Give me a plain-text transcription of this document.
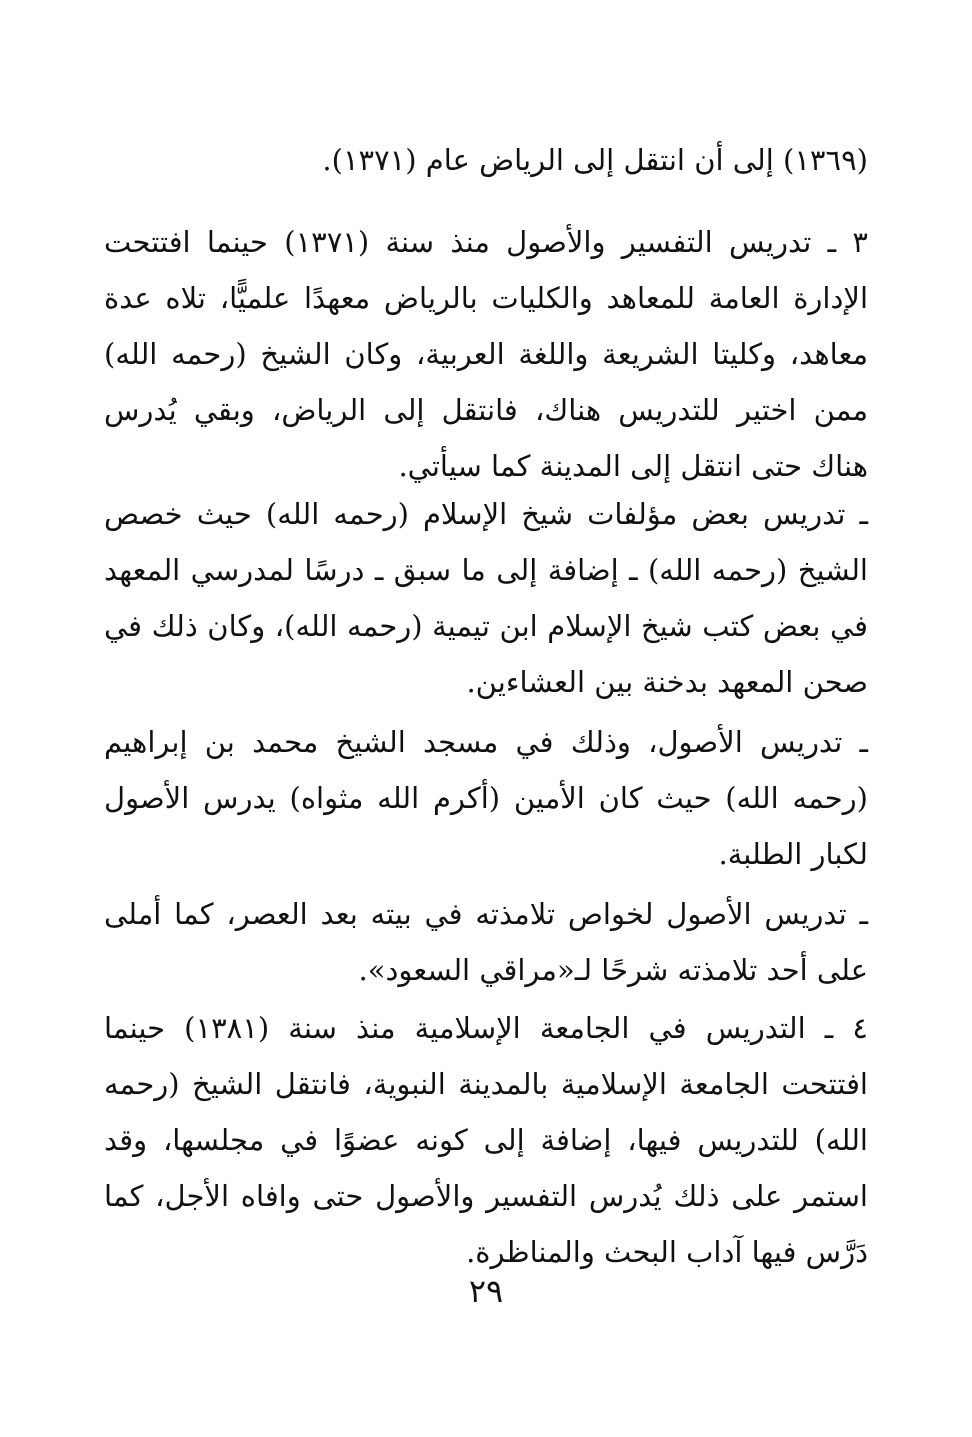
(١٣٦٩) إلى أن انتقل إلى الرياض عام (١٣٧١).

٣ ـ تدريس التفسير والأصول منذ سنة (١٣٧١) حينما افتتحت الإدارة العامة للمعاهد والكليات بالرياض معهدًا علميًّا، تلاه عدة معاهد، وكليتا الشريعة واللغة العربية، وكان الشيخ (رحمه الله) ممن اختير للتدريس هناك، فانتقل إلى الرياض، وبقي يُدرس هناك حتى انتقل إلى المدينة كما سيأتي.

ـ تدريس بعض مؤلفات شيخ الإسلام (رحمه الله) حيث خصص الشيخ (رحمه الله) ـ إضافة إلى ما سبق ـ درسًا لمدرسي المعهد في بعض كتب شيخ الإسلام ابن تيمية (رحمه الله)، وكان ذلك في صحن المعهد بدخنة بين العشاءين.

ـ تدريس الأصول، وذلك في مسجد الشيخ محمد بن إبراهيم (رحمه الله) حيث كان الأمين (أكرم الله مثواه) يدرس الأصول لكبار الطلبة.

ـ تدريس الأصول لخواص تلامذته في بيته بعد العصر، كما أملى على أحد تلامذته شرحًا لـ«مراقي السعود».

٤ ـ التدريس في الجامعة الإسلامية منذ سنة (١٣٨١) حينما افتتحت الجامعة الإسلامية بالمدينة النبوية، فانتقل الشيخ (رحمه الله) للتدريس فيها، إضافة إلى كونه عضوًا في مجلسها، وقد استمر على ذلك يُدرس التفسير والأصول حتى وافاه الأجل، كما دَرَّس فيها آداب البحث والمناظرة.

٢٩
